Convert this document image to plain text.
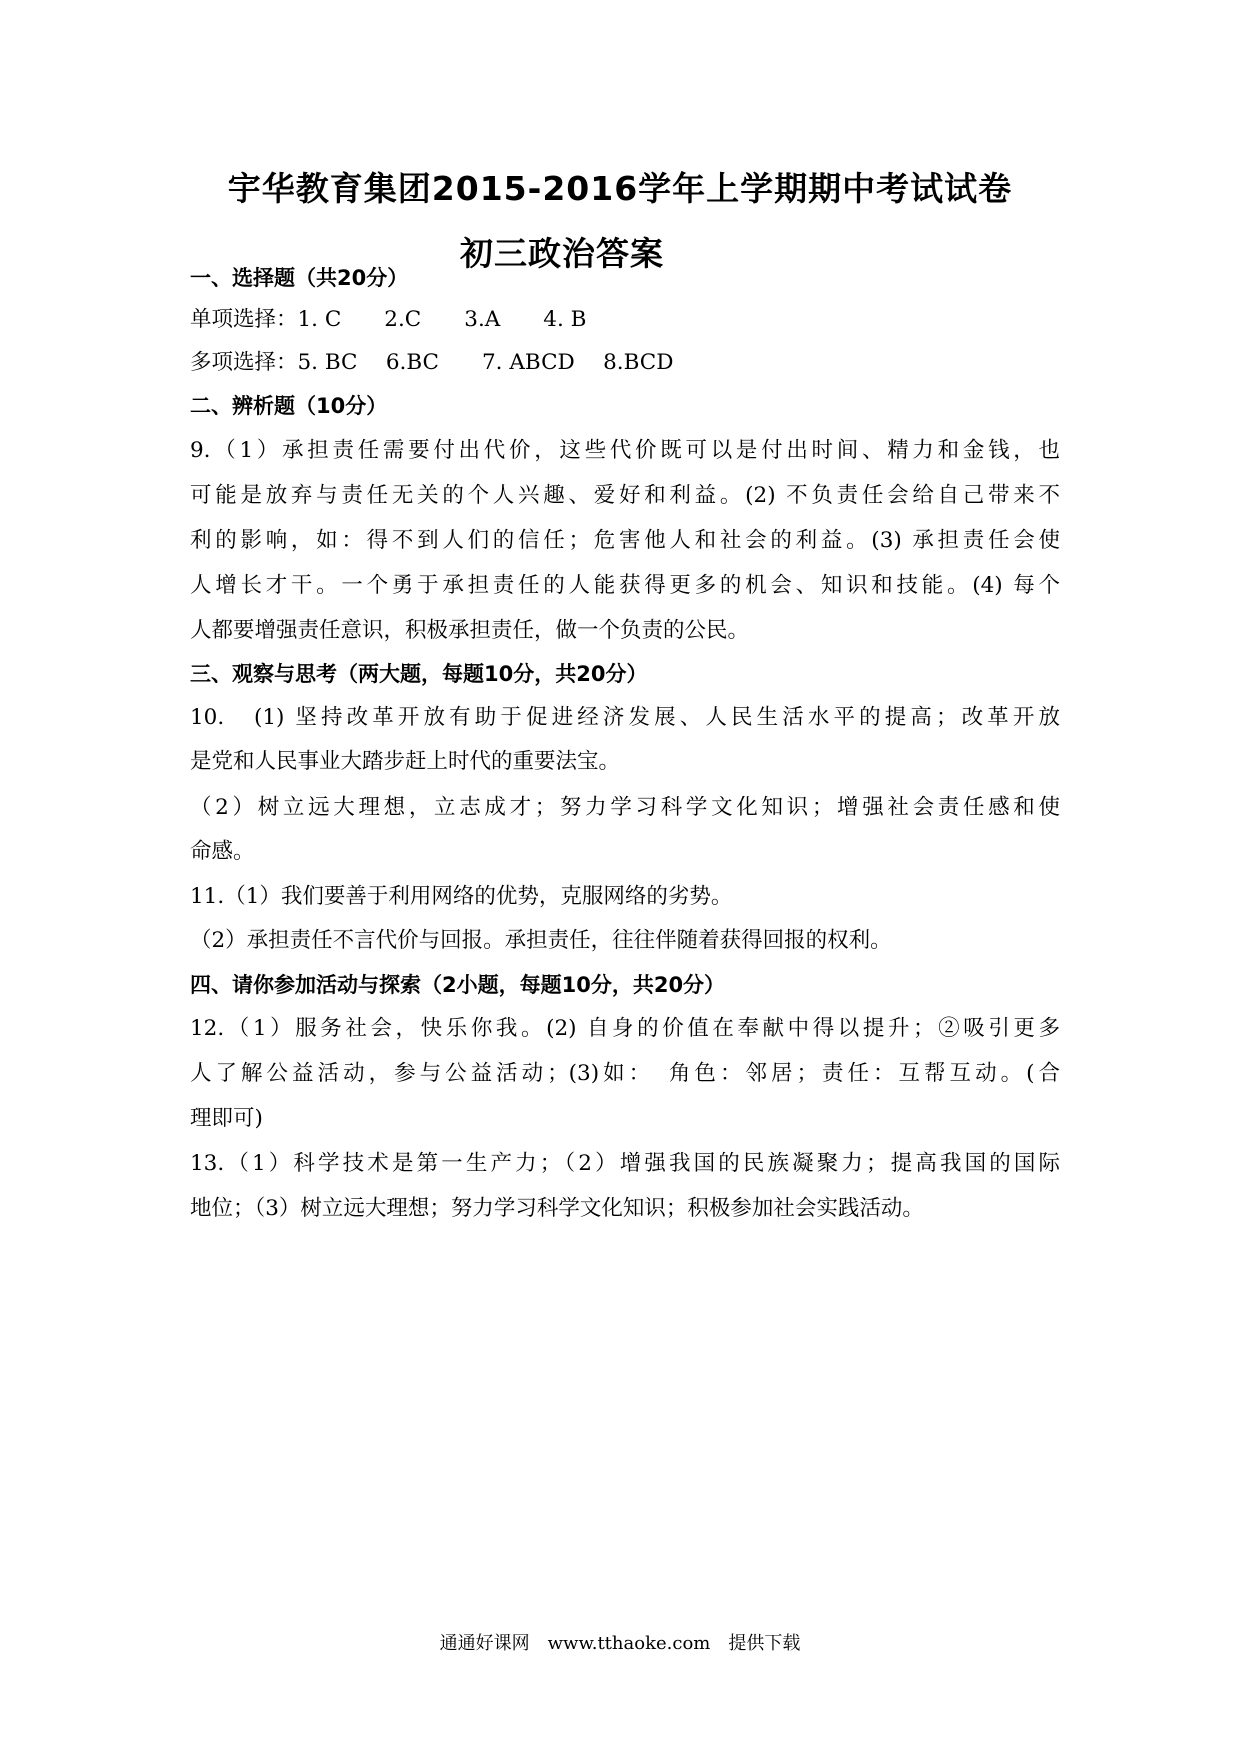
宇华教育集团2015-2016学年上学期期中考试试卷
初三政治答案
一、选择题（共20分）
单项选择：1. C　　2.C　　3.A　　4. B
多项选择：5. BC　 6.BC　　7. ABCD　 8.BCD
二、辨析题（10分）
9.（1）承担责任需要付出代价，这些代价既可以是付出时间、精力和金钱，也
可能是放弃与责任无关的个人兴趣、爱好和利益。(2) 不负责任会给自己带来不
利的影响，如：得不到人们的信任；危害他人和社会的利益。(3) 承担责任会使
人增长才干。一个勇于承担责任的人能获得更多的机会、知识和技能。(4) 每个
人都要增强责任意识，积极承担责任，做一个负责的公民。
三、观察与思考（两大题，每题10分，共20分）
10.　(1) 坚持改革开放有助于促进经济发展、人民生活水平的提高；改革开放
是党和人民事业大踏步赶上时代的重要法宝。
（2）树立远大理想，立志成才；努力学习科学文化知识；增强社会责任感和使
命感。
11.（1）我们要善于利用网络的优势，克服网络的劣势。
（2）承担责任不言代价与回报。承担责任，往往伴随着获得回报的权利。
四、请你参加活动与探索（2小题，每题10分，共20分）
12.（1）服务社会，快乐你我。(2) 自身的价值在奉献中得以提升；②吸引更多
人了解公益活动，参与公益活动；(3)如：　角色：邻居；责任：互帮互动。(合
理即可)
13.（1）科学技术是第一生产力；（2）增强我国的民族凝聚力；提高我国的国际
地位；（3）树立远大理想；努力学习科学文化知识；积极参加社会实践活动。
通通好课网　www.tthaoke.com　提供下载
